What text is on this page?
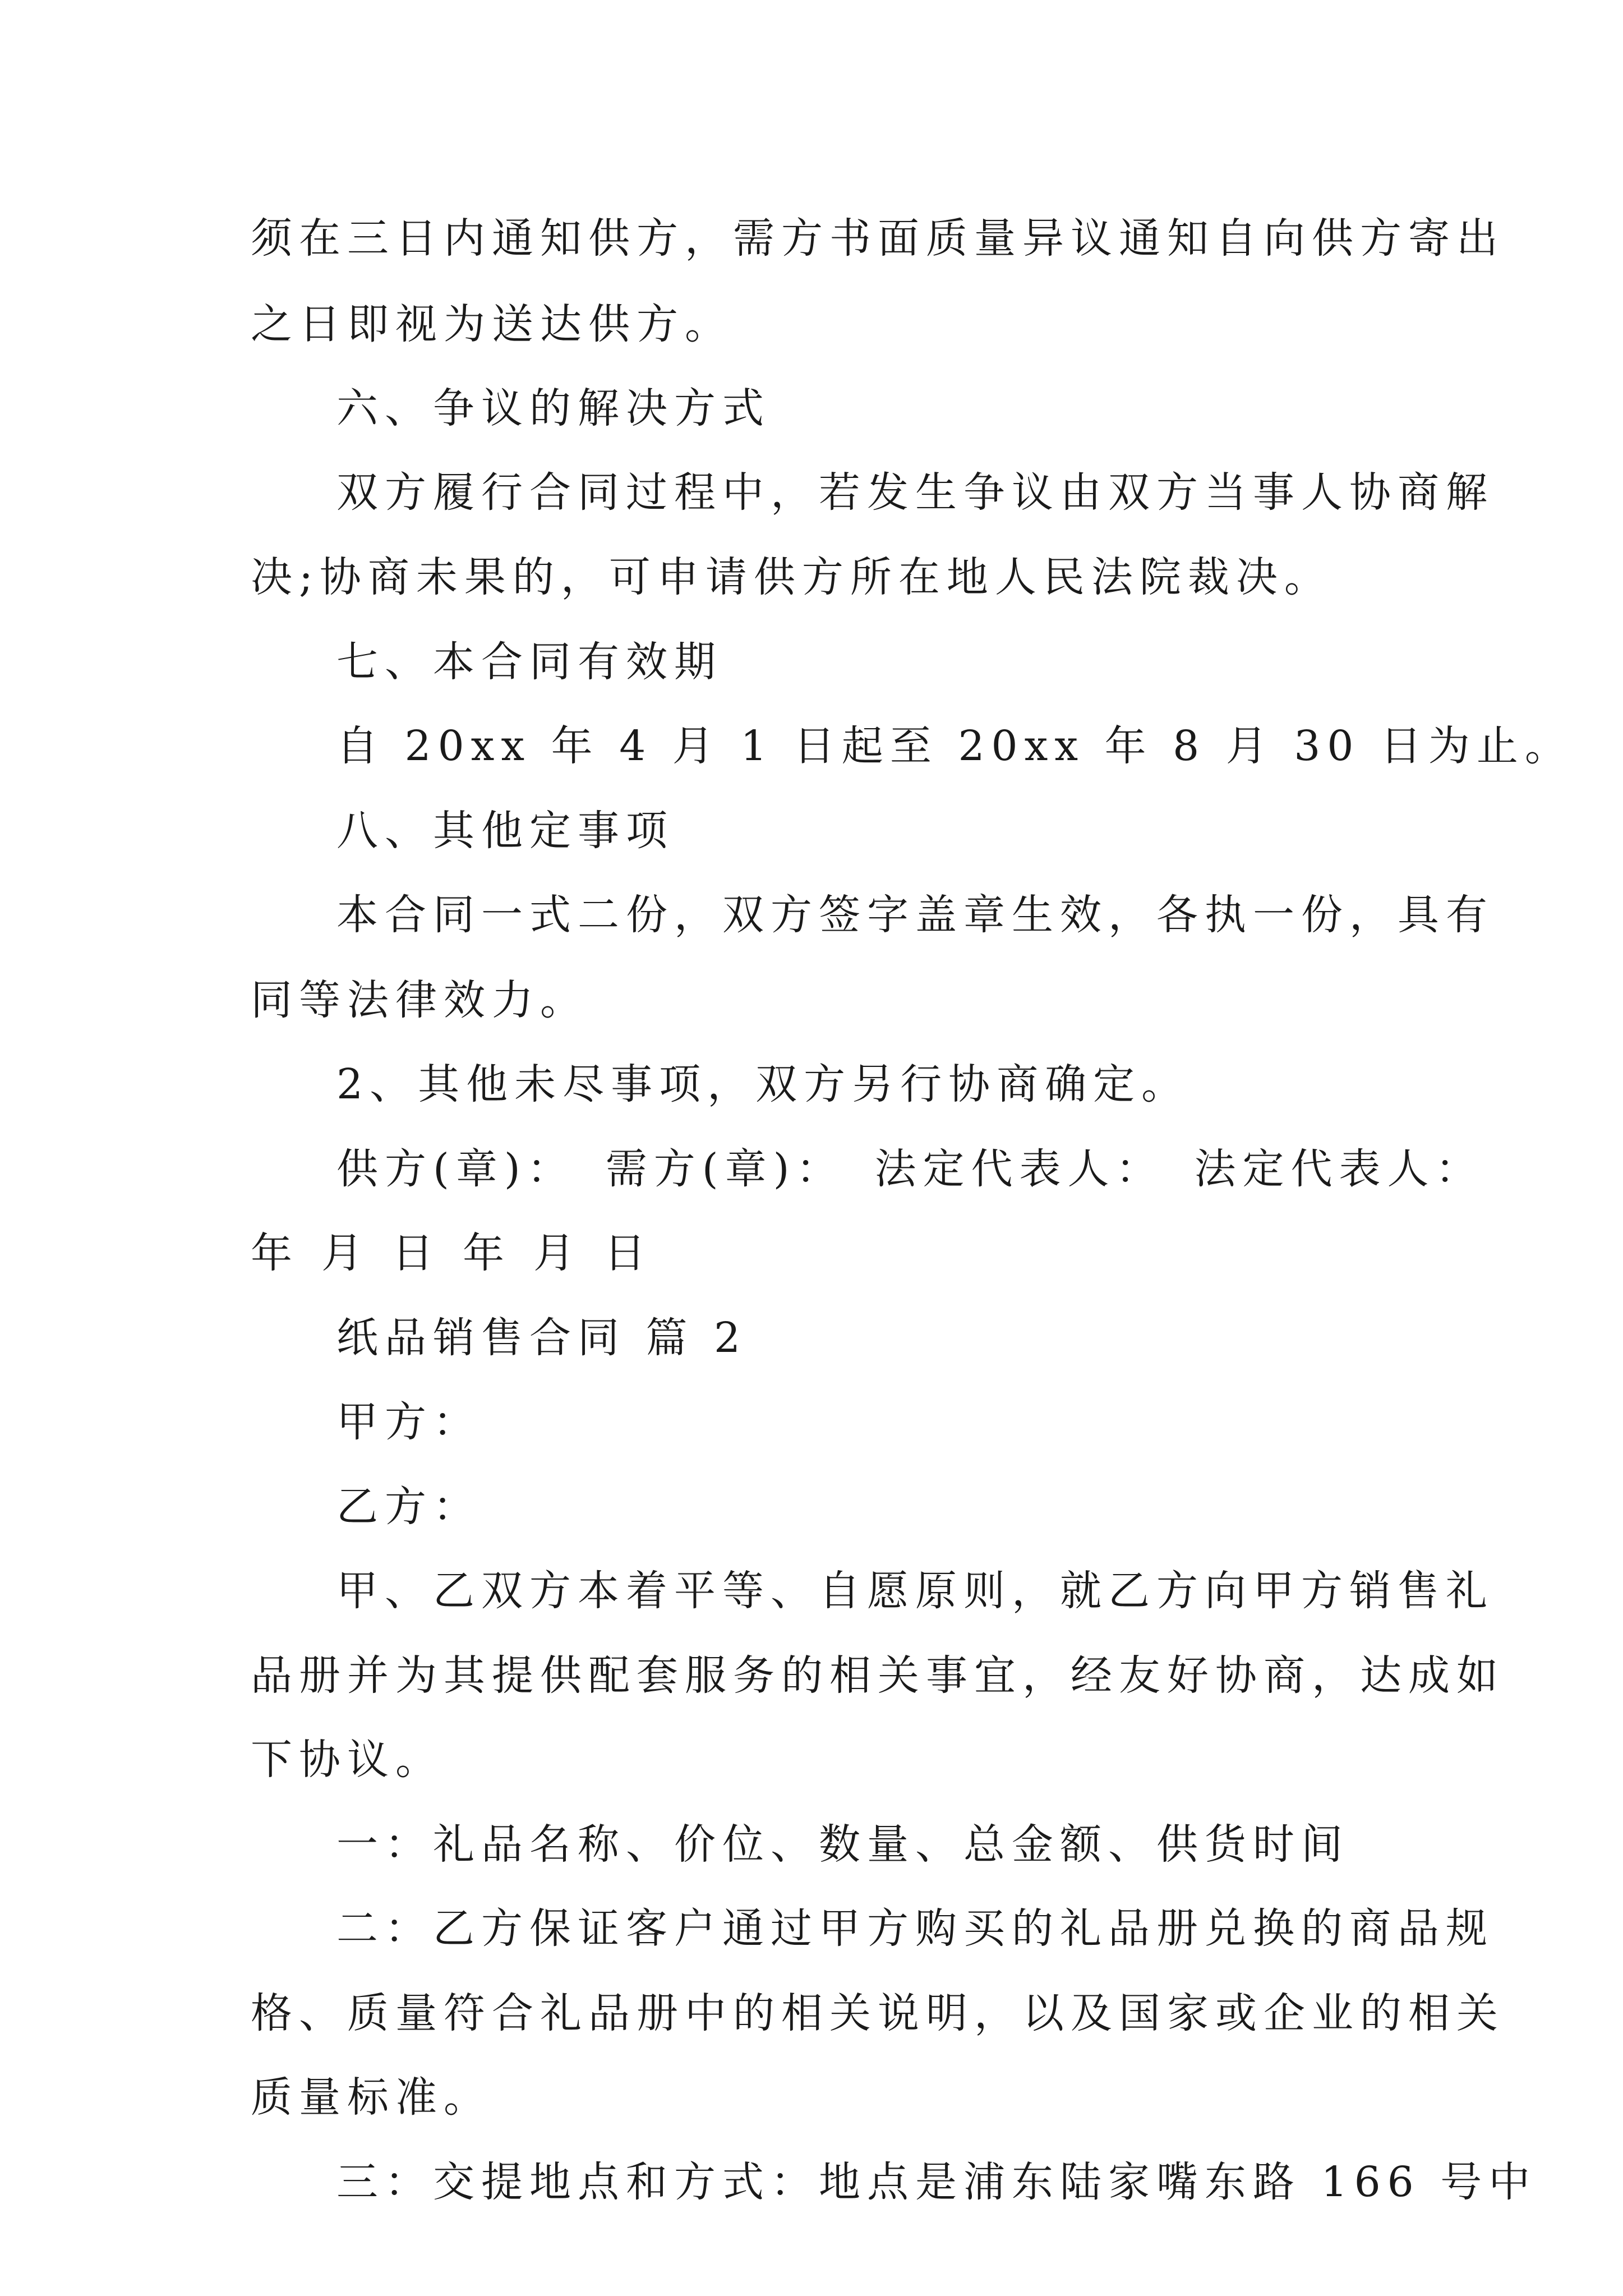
须在三日内通知供方，需方书面质量异议通知自向供方寄出
之日即视为送达供方。
六、争议的解决方式
双方履行合同过程中，若发生争议由双方当事人协商解
决;协商未果的，可申请供方所在地人民法院裁决。
七、本合同有效期
自 20xx 年 4 月 1 日起至 20xx 年 8 月 30 日为止。
八、其他定事项
本合同一式二份，双方签字盖章生效，各执一份，具有
同等法律效力。
2、其他未尽事项，双方另行协商确定。
供方(章)： 需方(章)： 法定代表人： 法定代表人：
年 月 日 年 月 日
纸品销售合同 篇 2
甲方：
乙方：
甲、乙双方本着平等、自愿原则，就乙方向甲方销售礼
品册并为其提供配套服务的相关事宜，经友好协商，达成如
下协议。
一：礼品名称、价位、数量、总金额、供货时间
二：乙方保证客户通过甲方购买的礼品册兑换的商品规
格、质量符合礼品册中的相关说明，以及国家或企业的相关
质量标准。
三：交提地点和方式：地点是浦东陆家嘴东路 166 号中
